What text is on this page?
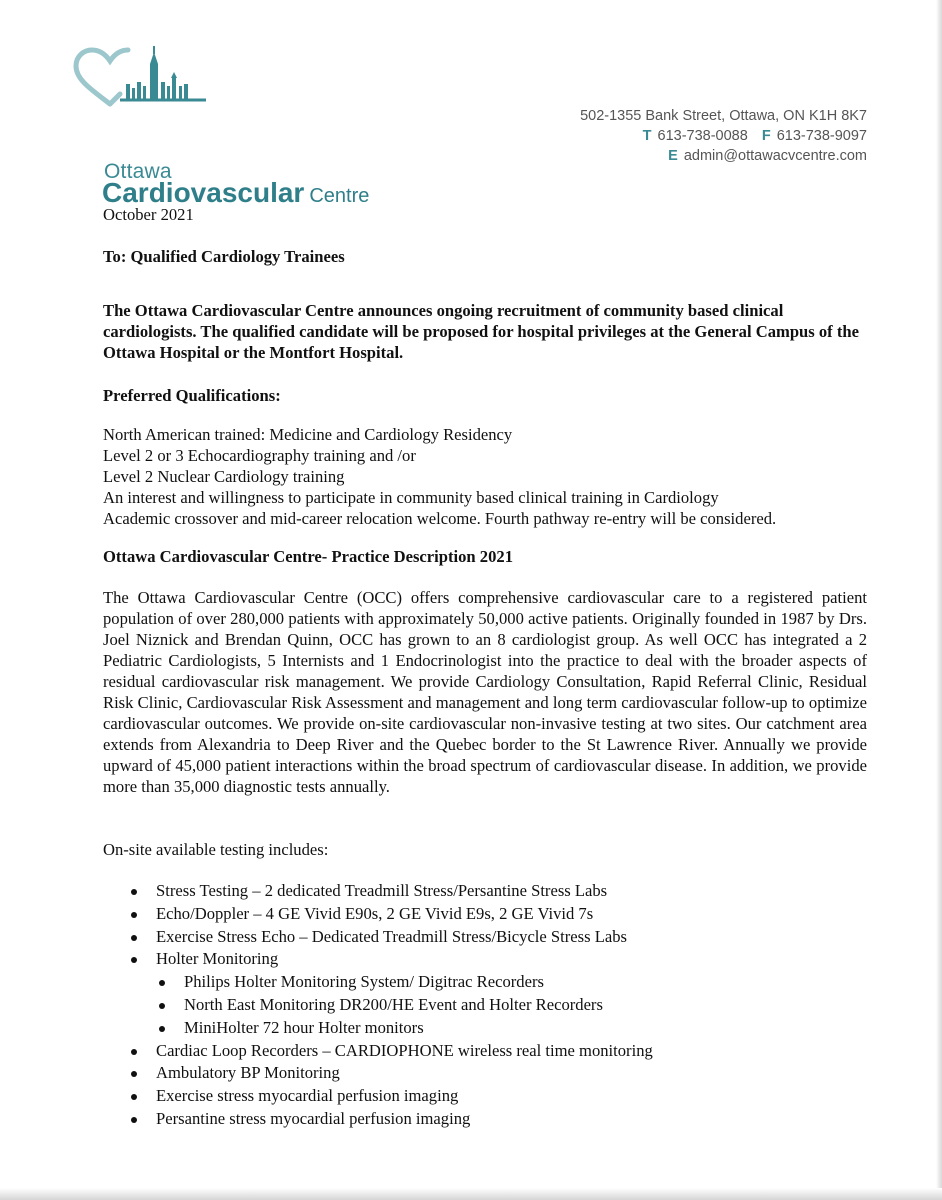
Ottawa
Cardiovascular Centre
502-1355 Bank Street, Ottawa, ON K1H 8K7
T 613-738-0088 F 613-738-9097
E admin@ottawacvcentre.com
October 2021
To: Qualified Cardiology Trainees
The Ottawa Cardiovascular Centre announces ongoing recruitment of community based clinical cardiologists. The qualified candidate will be proposed for hospital privileges at the General Campus of the Ottawa Hospital or the Montfort Hospital.
Preferred Qualifications:
North American trained: Medicine and Cardiology Residency
Level 2 or 3 Echocardiography training and /or
Level 2 Nuclear Cardiology training
An interest and willingness to participate in community based clinical training in Cardiology
Academic crossover and mid-career relocation welcome. Fourth pathway re-entry will be considered.
Ottawa Cardiovascular Centre- Practice Description 2021
The Ottawa Cardiovascular Centre (OCC) offers comprehensive cardiovascular care to a registered patient population of over 280,000 patients with approximately 50,000 active patients. Originally founded in 1987 by Drs. Joel Niznick and Brendan Quinn, OCC has grown to an 8 cardiologist group. As well OCC has integrated a 2 Pediatric Cardiologists, 5 Internists and 1 Endocrinologist into the practice to deal with the broader aspects of residual cardiovascular risk management. We provide Cardiology Consultation, Rapid Referral Clinic, Residual Risk Clinic, Cardiovascular Risk Assessment and management and long term cardiovascular follow-up to optimize cardiovascular outcomes. We provide on-site cardiovascular non-invasive testing at two sites. Our catchment area extends from Alexandria to Deep River and the Quebec border to the St Lawrence River. Annually we provide upward of 45,000 patient interactions within the broad spectrum of cardiovascular disease. In addition, we provide more than 35,000 diagnostic tests annually.
On-site available testing includes:
Stress Testing – 2 dedicated Treadmill Stress/Persantine Stress Labs
Echo/Doppler – 4 GE Vivid E90s, 2 GE Vivid E9s, 2 GE Vivid 7s
Exercise Stress Echo – Dedicated Treadmill Stress/Bicycle Stress Labs
Holter Monitoring
Philips Holter Monitoring System/ Digitrac Recorders
North East Monitoring DR200/HE Event and Holter Recorders
MiniHolter 72 hour Holter monitors
Cardiac Loop Recorders – CARDIOPHONE wireless real time monitoring
Ambulatory BP Monitoring
Exercise stress myocardial perfusion imaging
Persantine stress myocardial perfusion imaging
